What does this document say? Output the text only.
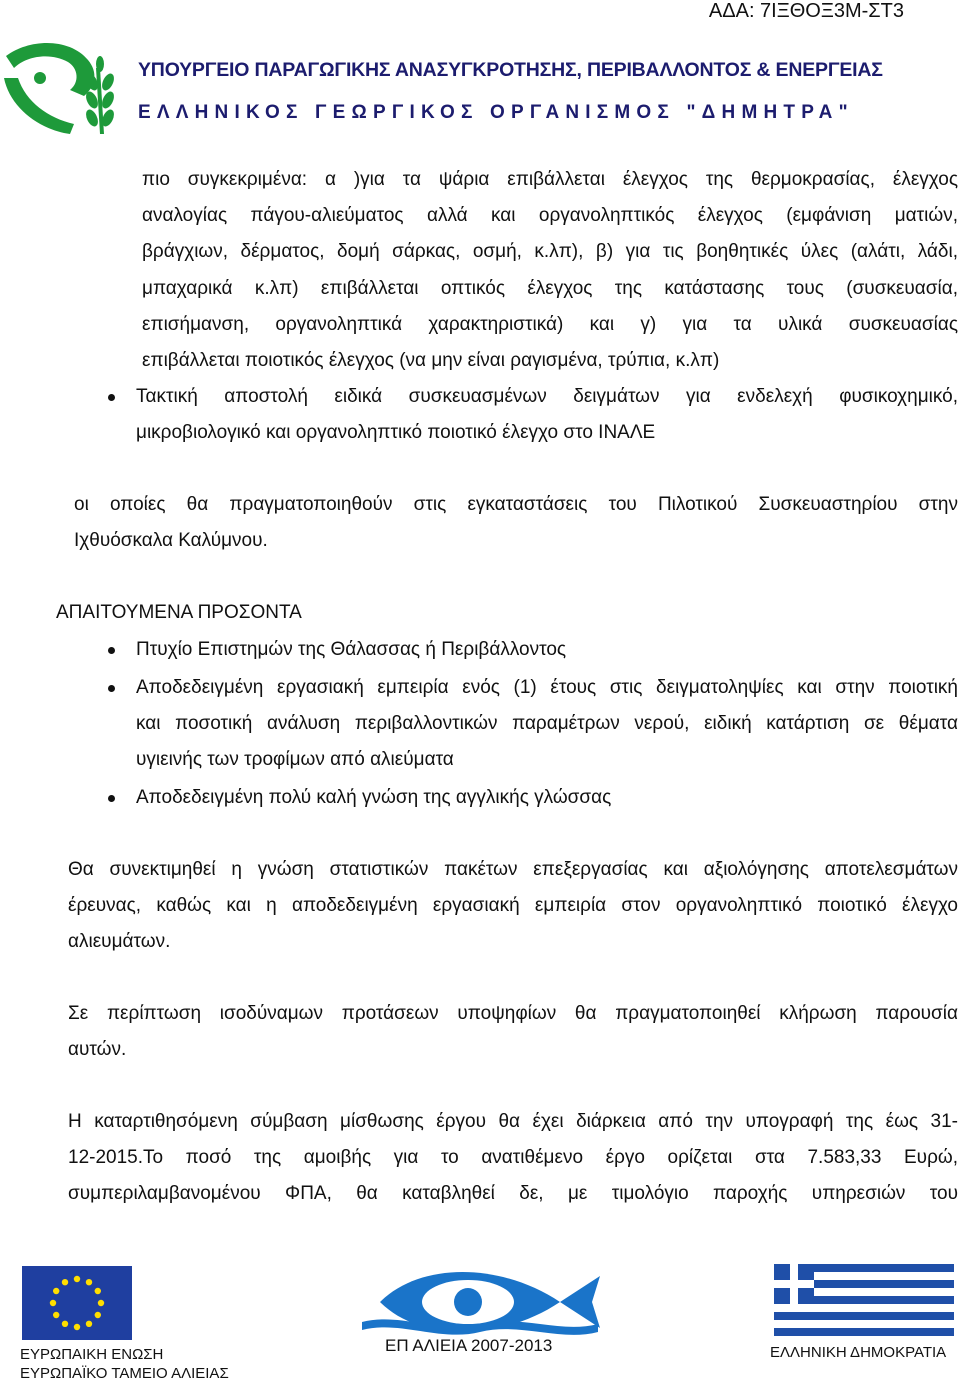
ΑΔΑ: 7ΙΞΘΟΞ3Μ-ΣΤ3
ΥΠΟΥΡΓΕΙΟ ΠΑΡΑΓΩΓΙΚΗΣ ΑΝΑΣΥΓΚΡΟΤΗΣΗΣ, ΠΕΡΙΒΑΛΛΟΝΤΟΣ & ΕΝΕΡΓΕΙΑΣ
ΕΛΛΗΝΙΚΟΣ ΓΕΩΡΓΙΚΟΣ ΟΡΓΑΝΙΣΜΟΣ "ΔΗΜΗΤΡΑ"
πιο συγκεκριμένα: α )για τα ψάρια επιβάλλεται έλεγχος της θερμοκρασίας, έλεγχος
αναλογίας πάγου-αλιεύματος αλλά και οργανοληπτικός έλεγχος (εμφάνιση ματιών,
βράγχιων, δέρματος, δομή σάρκας, οσμή, κ.λπ), β) για τις βοηθητικές ύλες (αλάτι, λάδι,
μπαχαρικά κ.λπ) επιβάλλεται οπτικός έλεγχος της κατάστασης τους (συσκευασία,
επισήμανση, οργανοληπτικά χαρακτηριστικά) και γ) για τα υλικά συσκευασίας
επιβάλλεται ποιοτικός έλεγχος (να μην είναι ραγισμένα, τρύπια, κ.λπ)
Τακτική αποστολή ειδικά συσκευασμένων δειγμάτων για ενδελεχή φυσικοχημικό,
μικροβιολογικό και οργανοληπτικό ποιοτικό έλεγχο στο ΙΝΑΛΕ
οι οποίες θα πραγματοποιηθούν στις εγκαταστάσεις του Πιλοτικού Συσκευαστηρίου στην
Ιχθυόσκαλα Καλύμνου.
ΑΠΑΙΤΟΥΜΕΝΑ ΠΡΟΣΟΝΤΑ
Πτυχίο Επιστημών της Θάλασσας ή Περιβάλλοντος
Αποδεδειγμένη εργασιακή εμπειρία ενός (1) έτους στις δειγματοληψίες και στην ποιοτική
και ποσοτική ανάλυση περιβαλλοντικών παραμέτρων νερού, ειδική κατάρτιση σε θέματα
υγιεινής των τροφίμων από αλιεύματα
Αποδεδειγμένη πολύ καλή γνώση της αγγλικής γλώσσας
Θα συνεκτιμηθεί η γνώση στατιστικών πακέτων επεξεργασίας και αξιολόγησης αποτελεσμάτων
έρευνας, καθώς και η αποδεδειγμένη εργασιακή εμπειρία στον οργανοληπτικό ποιοτικό έλεγχο
αλιευμάτων.
Σε περίπτωση ισοδύναμων προτάσεων υποψηφίων θα πραγματοποιηθεί κλήρωση παρουσία
αυτών.
Η καταρτιθησόμενη σύμβαση μίσθωσης έργου θα έχει διάρκεια από την υπογραφή της έως 31-
12-2015.Το ποσό της αμοιβής για το ανατιθέμενο έργο ορίζεται στα 7.583,33 Ευρώ,
συμπεριλαμβανομένου ΦΠΑ, θα καταβληθεί δε, με τιμολόγιο παροχής υπηρεσιών του
ΕΥΡΩΠΑΙΚΗ ΕΝΩΣΗ
ΕΥΡΩΠΑΪΚΟ ΤΑΜΕΙΟ ΑΛΙΕΙΑΣ
ΕΠ ΑΛΙΕΙΑ 2007-2013	ΕΛΛΗΝΙΚΗ ΔΗΜΟΚΡΑΤΙΑ
